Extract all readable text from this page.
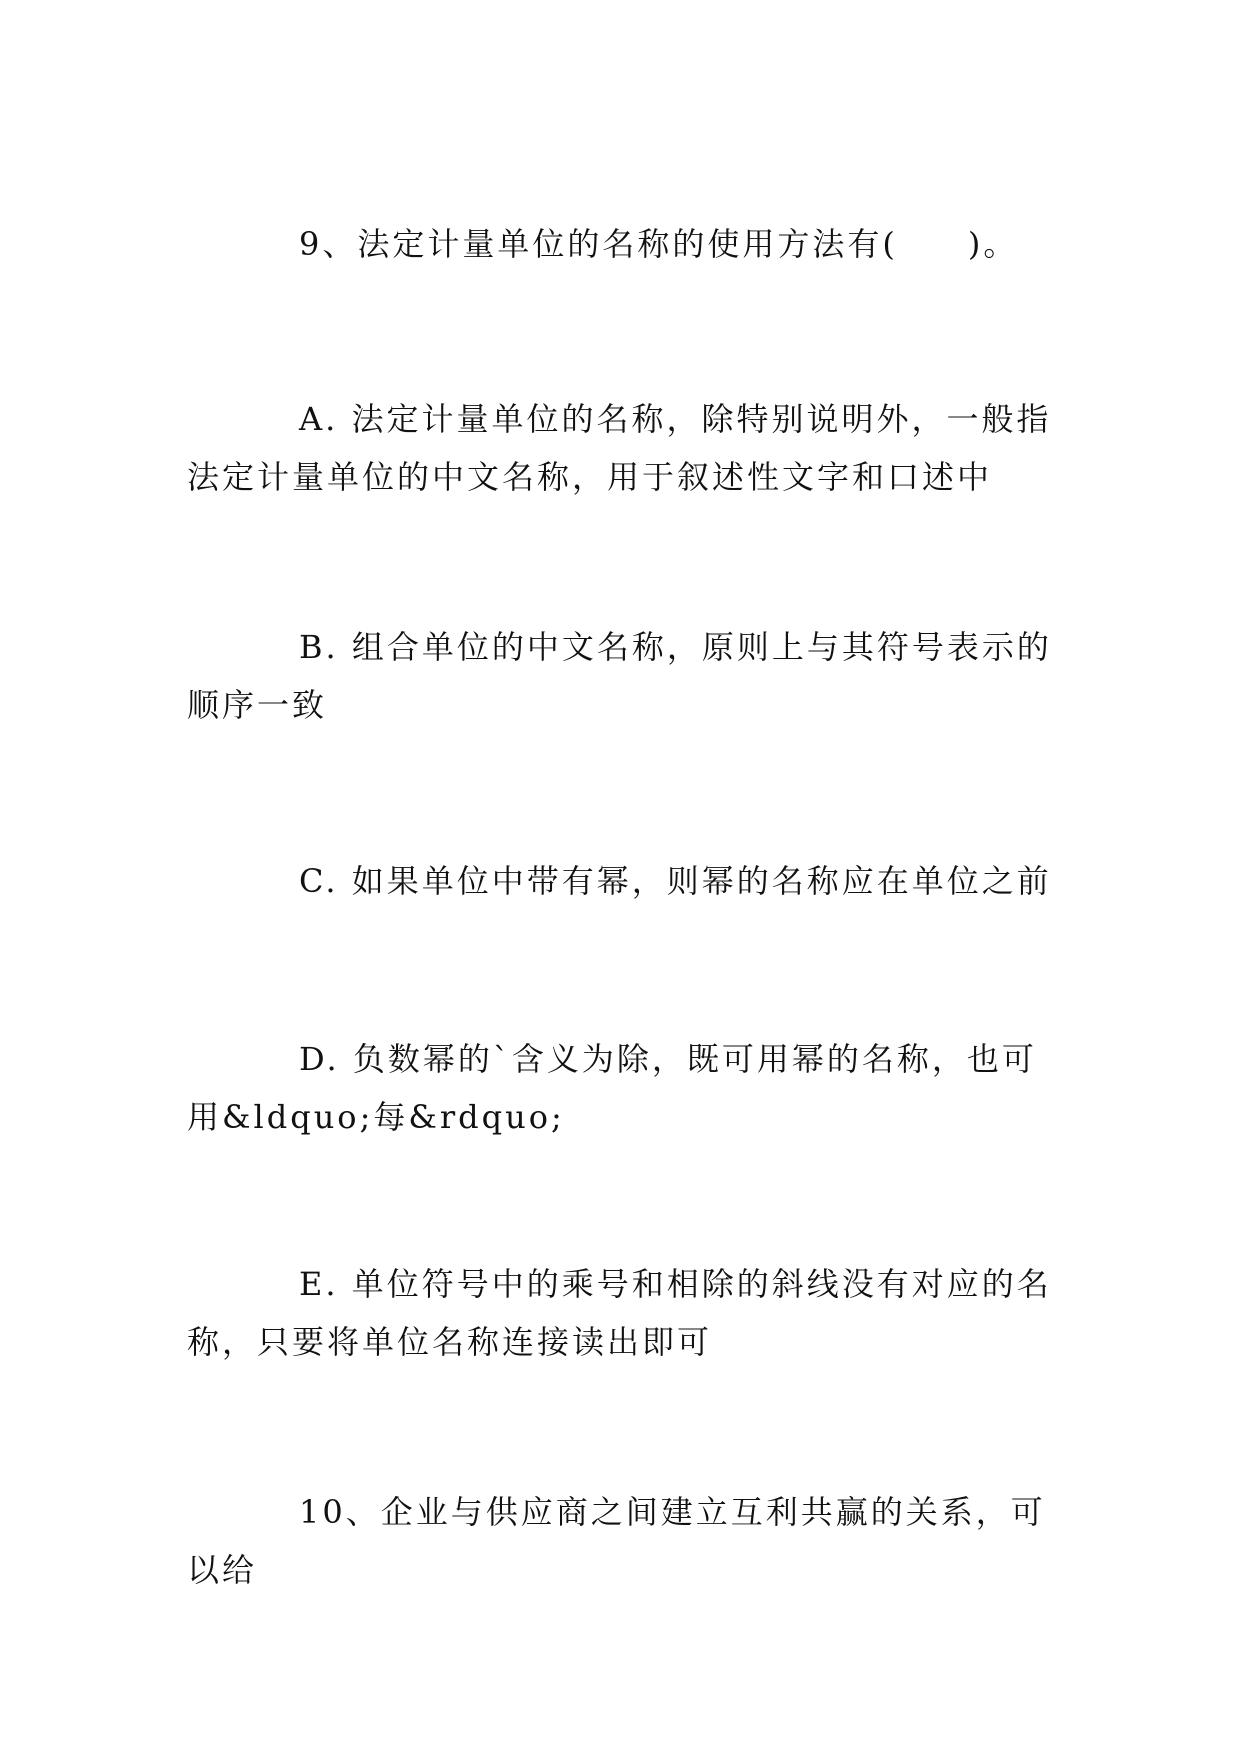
9、法定计量单位的名称的使用方法有(　　)。

A. 法定计量单位的名称，除特别说明外，一般指法定计量单位的中文名称，用于叙述性文字和口述中

B. 组合单位的中文名称，原则上与其符号表示的顺序一致

C. 如果单位中带有幂，则幂的名称应在单位之前

D. 负数幂的`含义为除，既可用幂的名称，也可用&ldquo;每&rdquo;

E. 单位符号中的乘号和相除的斜线没有对应的名称，只要将单位名称连接读出即可

10、企业与供应商之间建立互利共赢的关系，可以给
